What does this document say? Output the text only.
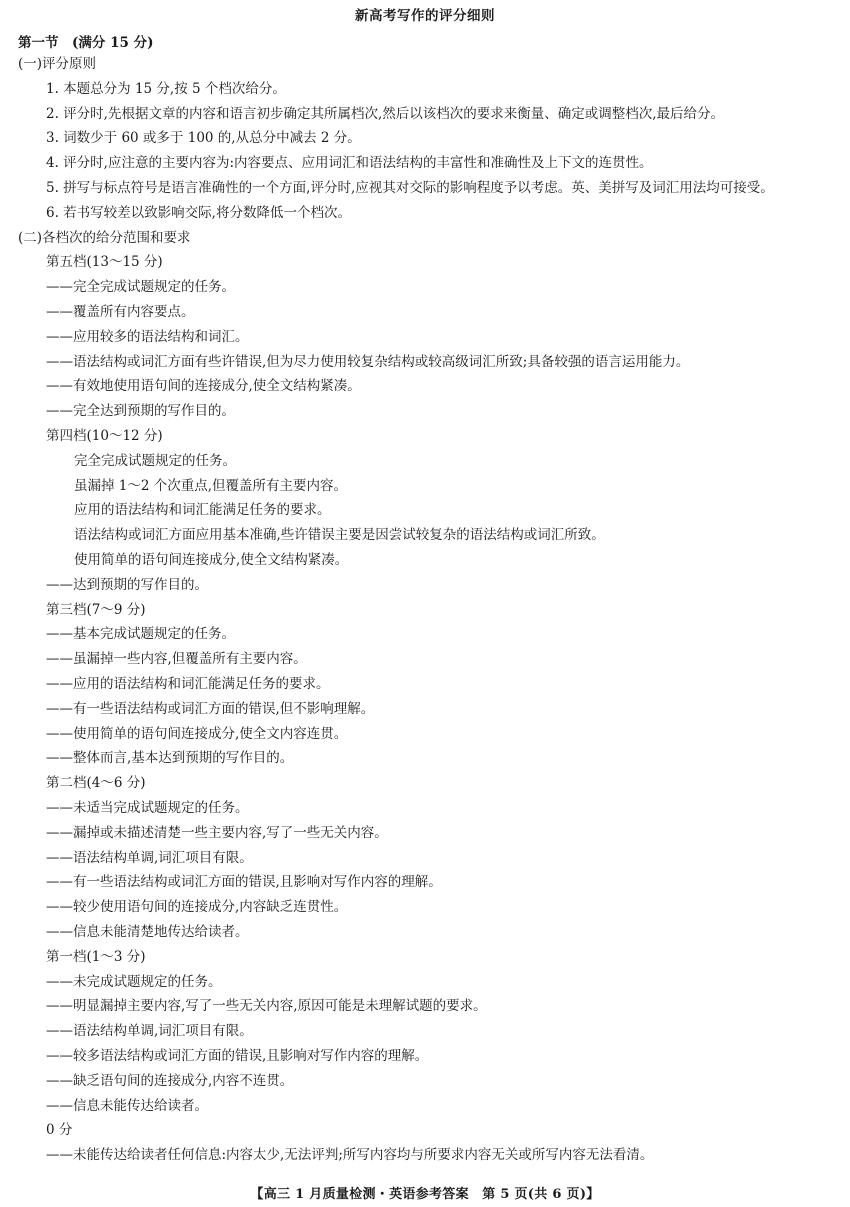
新高考写作的评分细则
第一节　(满分 15 分)
(一)评分原则
1. 本题总分为 15 分,按 5 个档次给分。
2. 评分时,先根据文章的内容和语言初步确定其所属档次,然后以该档次的要求来衡量、确定或调整档次,最后给分。
3. 词数少于 60 或多于 100 的,从总分中减去 2 分。
4. 评分时,应注意的主要内容为:内容要点、应用词汇和语法结构的丰富性和准确性及上下文的连贯性。
5. 拼写与标点符号是语言准确性的一个方面,评分时,应视其对交际的影响程度予以考虑。英、美拼写及词汇用法均可接受。
6. 若书写较差以致影响交际,将分数降低一个档次。
(二)各档次的给分范围和要求
第五档(13～15 分)
——完全完成试题规定的任务。
——覆盖所有内容要点。
——应用较多的语法结构和词汇。
——语法结构或词汇方面有些许错误,但为尽力使用较复杂结构或较高级词汇所致;具备较强的语言运用能力。
——有效地使用语句间的连接成分,使全文结构紧凑。
——完全达到预期的写作目的。
第四档(10～12 分)
完全完成试题规定的任务。
虽漏掉 1～2 个次重点,但覆盖所有主要内容。
应用的语法结构和词汇能满足任务的要求。
语法结构或词汇方面应用基本准确,些许错误主要是因尝试较复杂的语法结构或词汇所致。
使用简单的语句间连接成分,使全文结构紧凑。
——达到预期的写作目的。
第三档(7～9 分)
——基本完成试题规定的任务。
——虽漏掉一些内容,但覆盖所有主要内容。
——应用的语法结构和词汇能满足任务的要求。
——有一些语法结构或词汇方面的错误,但不影响理解。
——使用简单的语句间连接成分,使全文内容连贯。
——整体而言,基本达到预期的写作目的。
第二档(4～6 分)
——未适当完成试题规定的任务。
——漏掉或未描述清楚一些主要内容,写了一些无关内容。
——语法结构单调,词汇项目有限。
——有一些语法结构或词汇方面的错误,且影响对写作内容的理解。
——较少使用语句间的连接成分,内容缺乏连贯性。
——信息未能清楚地传达给读者。
第一档(1～3 分)
——未完成试题规定的任务。
——明显漏掉主要内容,写了一些无关内容,原因可能是未理解试题的要求。
——语法结构单调,词汇项目有限。
——较多语法结构或词汇方面的错误,且影响对写作内容的理解。
——缺乏语句间的连接成分,内容不连贯。
——信息未能传达给读者。
0 分
——未能传达给读者任何信息:内容太少,无法评判;所写内容均与所要求内容无关或所写内容无法看清。
【高三 1 月质量检测・英语参考答案　第 5 页(共 6 页)】
